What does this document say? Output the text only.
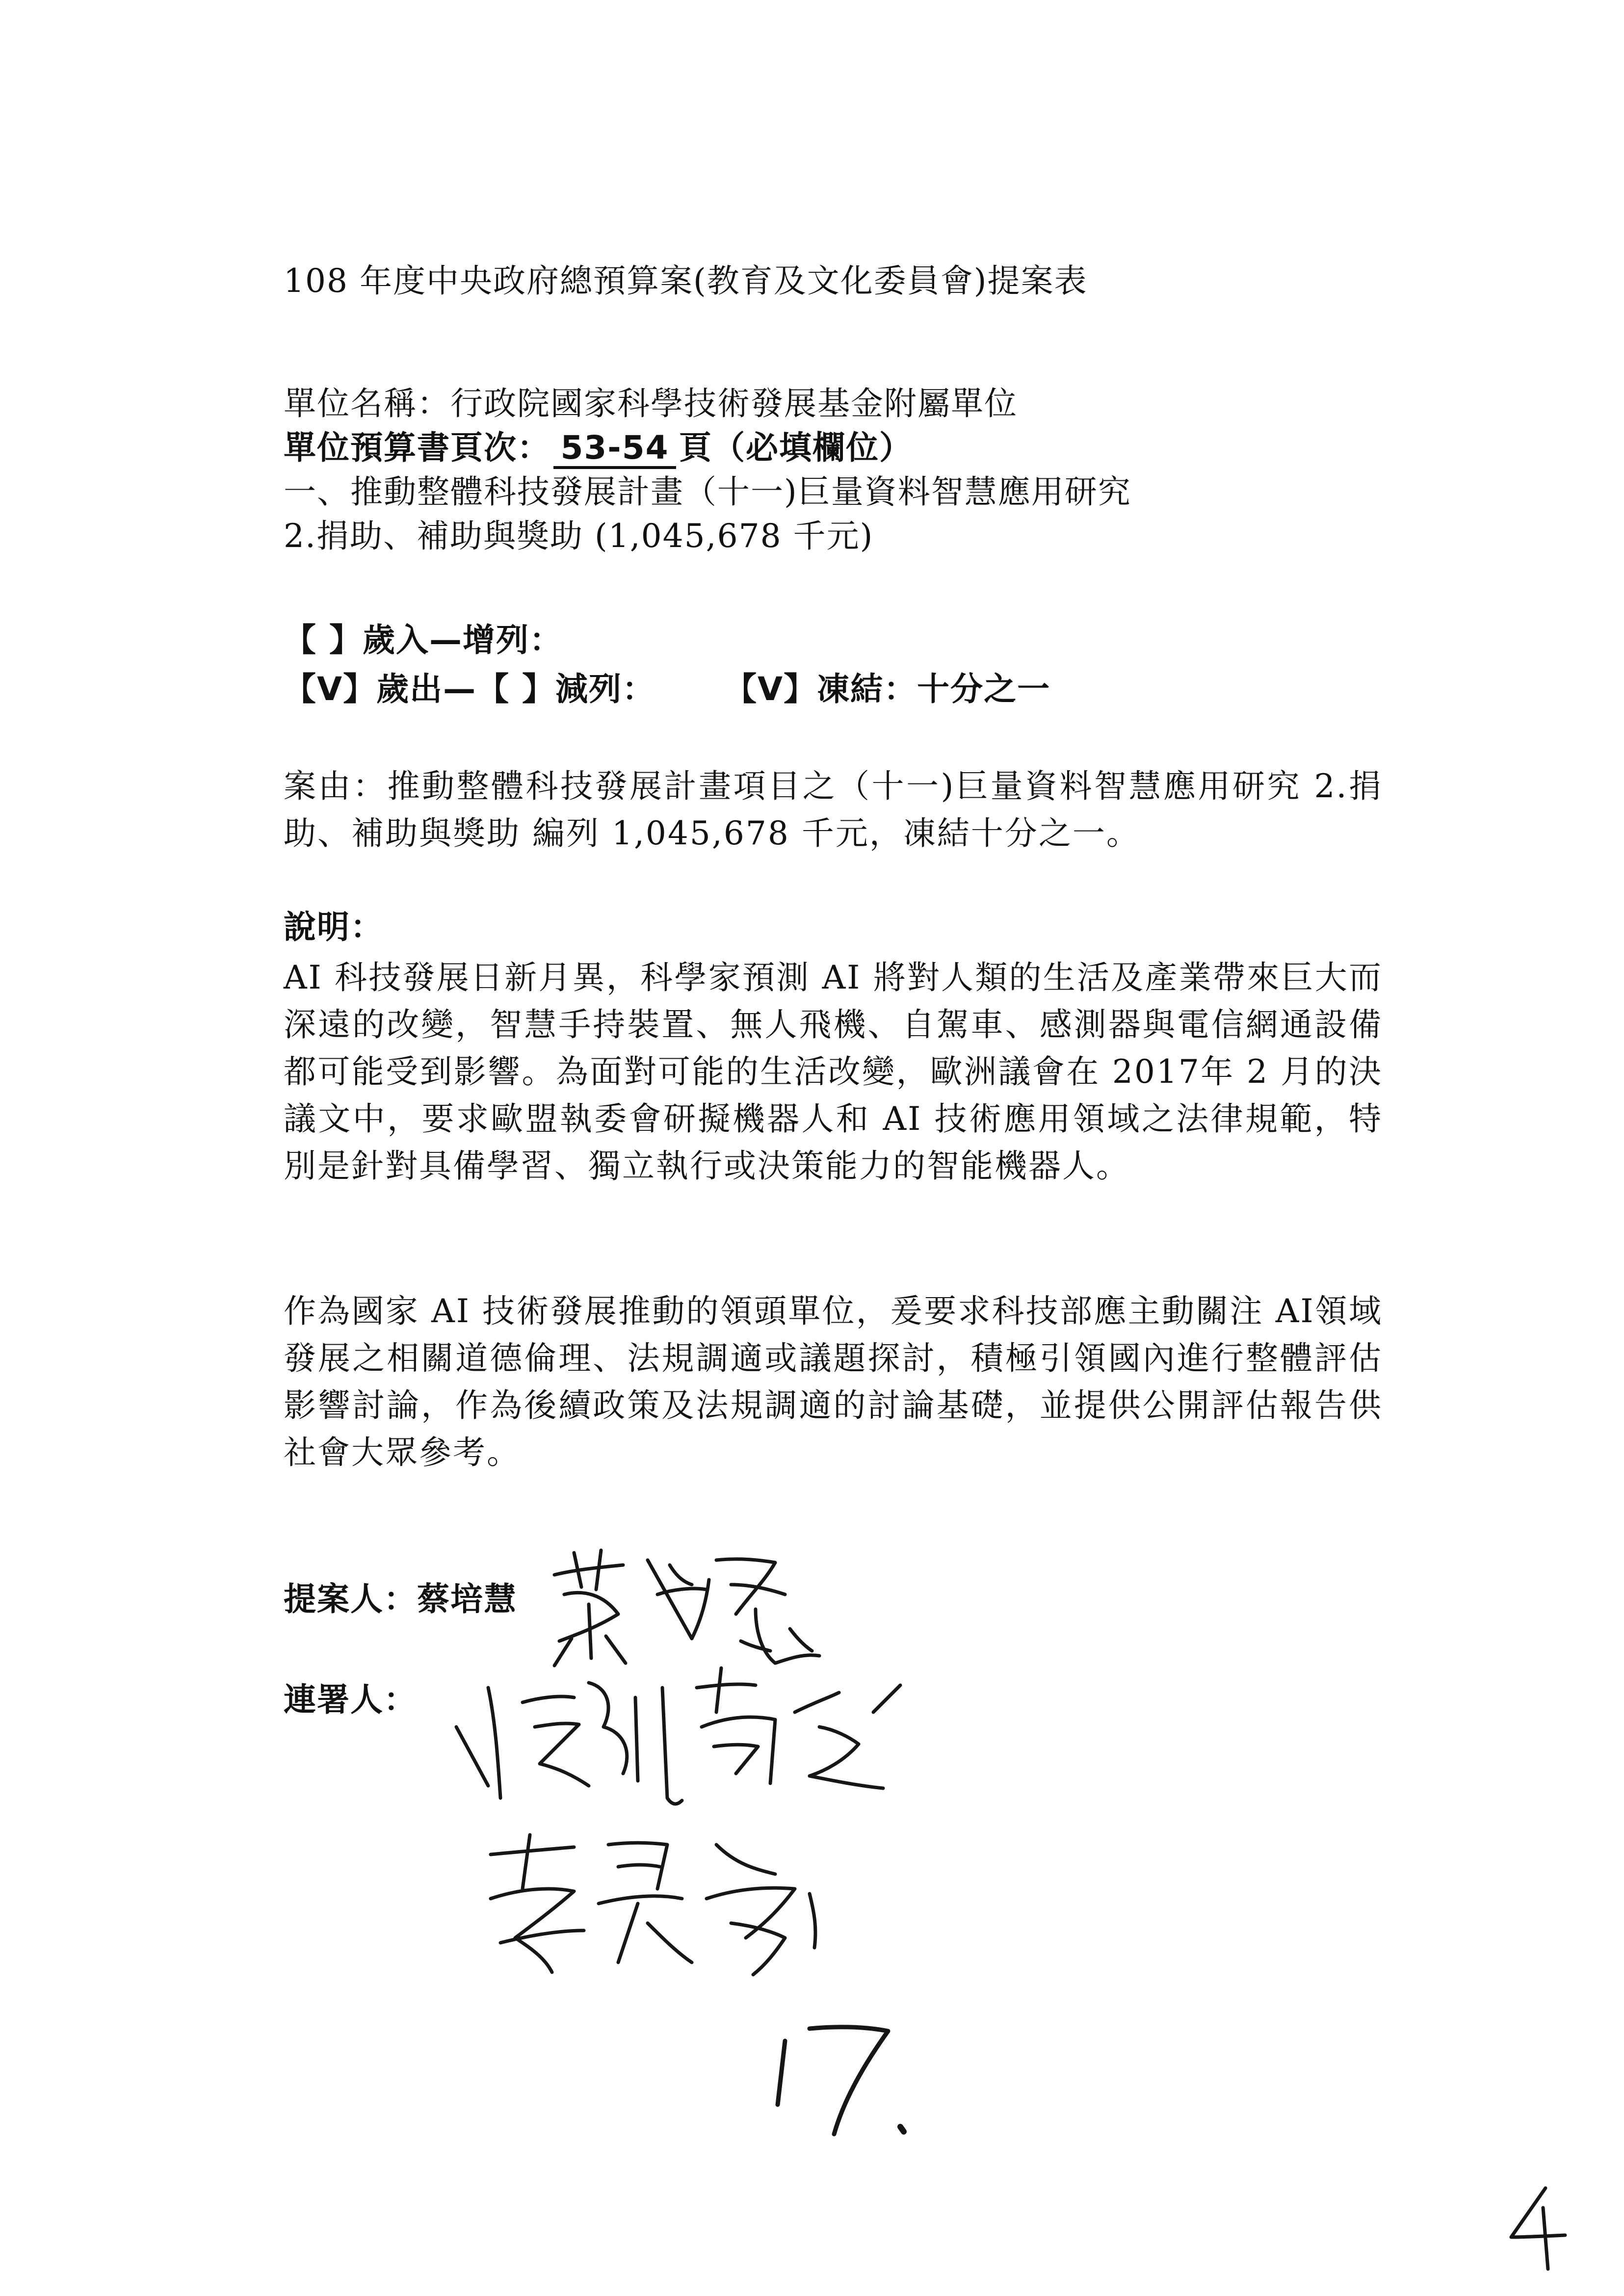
108 年度中央政府總預算案(教育及文化委員會)提案表
單位名稱：行政院國家科學技術發展基金附屬單位
單位預算書頁次： 53-54 頁（必填欄位）
一、推動整體科技發展計畫（十一)巨量資料智慧應用研究
2.捐助、補助與獎助 (1,045,678 千元)
【 】歲入—增列：
【V】歲出—【 】減列： 【V】凍結：十分之一
案由：推動整體科技發展計畫項目之（十一)巨量資料智慧應用研究 2.捐助、補助與獎助 編列 1,045,678 千元，凍結十分之一。
說明：
AI 科技發展日新月異，科學家預測 AI 將對人類的生活及產業帶來巨大而深遠的改變，智慧手持裝置、無人飛機、自駕車、感測器與電信網通設備都可能受到影響。為面對可能的生活改變，歐洲議會在 2017年 2 月的決議文中，要求歐盟執委會研擬機器人和 AI 技術應用領域之法律規範，特別是針對具備學習、獨立執行或決策能力的智能機器人。
作為國家 AI 技術發展推動的領頭單位，爰要求科技部應主動關注 AI領域發展之相關道德倫理、法規調適或議題探討，積極引領國內進行整體評估影響討論，作為後續政策及法規調適的討論基礎，並提供公開評估報告供社會大眾參考。
提案人：蔡培慧
連署人：
